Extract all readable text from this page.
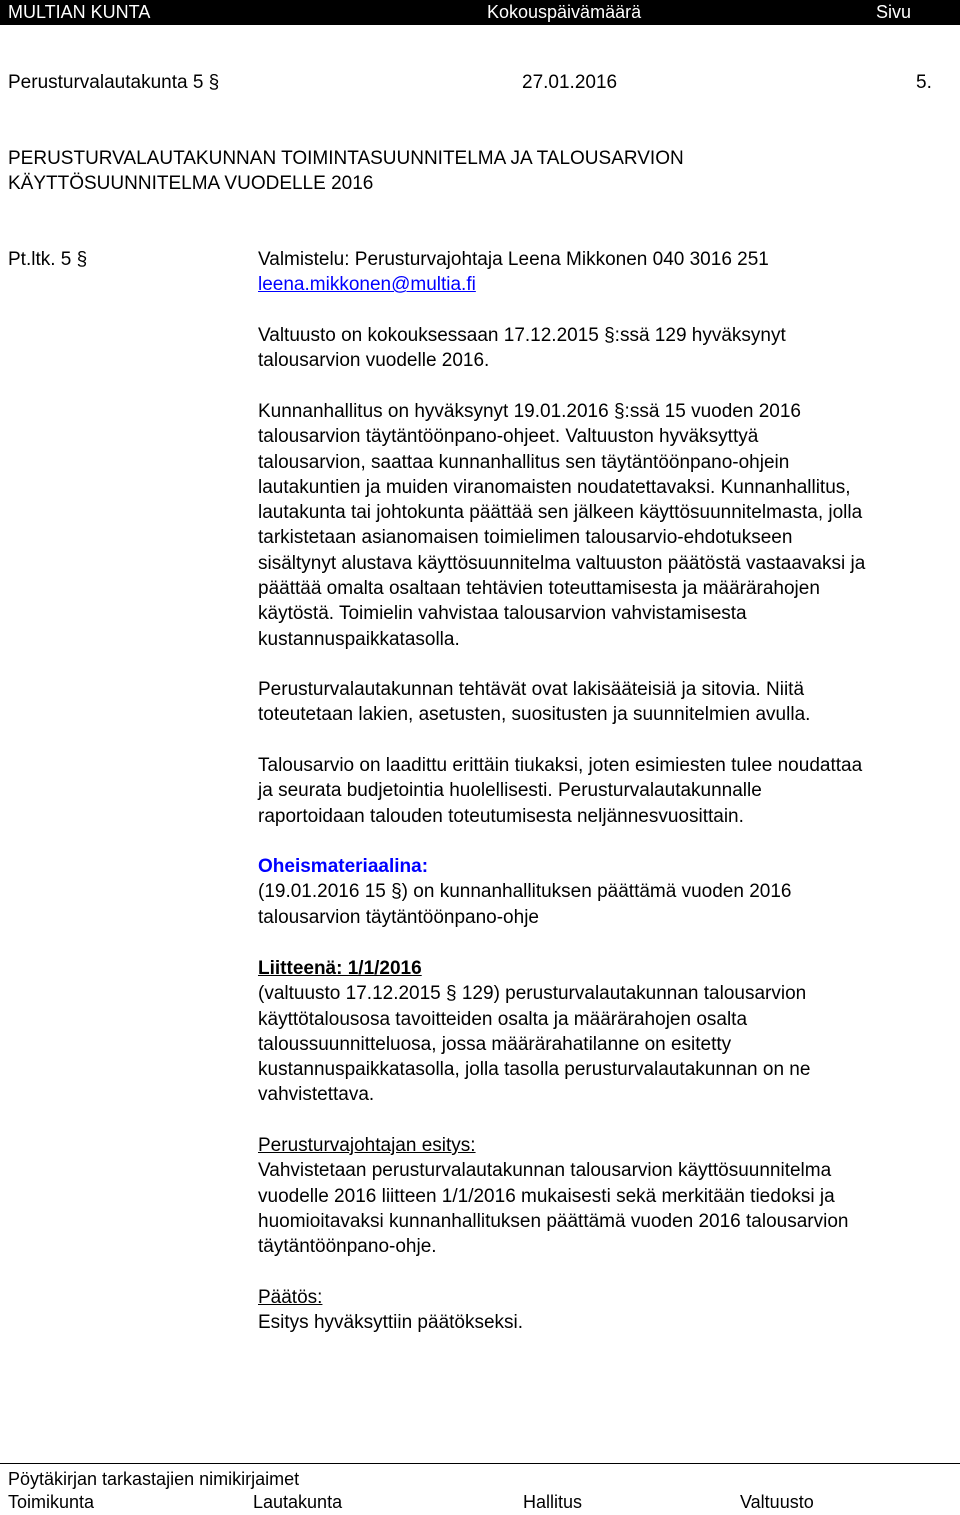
MULTIAN KUNTA	Kokouspäivämäärä	Sivu
Perusturvalautakunta 5 §	27.01.2016	5.
PERUSTURVALAUTAKUNNAN TOIMINTASUUNNITELMA JA TALOUSARVION
KÄYTTÖSUUNNITELMA VUODELLE 2016
Pt.ltk. 5 §	Valmistelu: Perusturvajohtaja Leena Mikkonen 040 3016 251

leena.mikkonen@multia.fi

Valtuusto on kokouksessaan 17.12.2015 §:ssä 129 hyväksynyt

talousarvion vuodelle 2016.

Kunnanhallitus on hyväksynyt 19.01.2016 §:ssä 15 vuoden 2016

talousarvion täytäntöönpano-ohjeet. Valtuuston hyväksyttyä

talousarvion, saattaa kunnanhallitus sen täytäntöönpano-ohjein

lautakuntien ja muiden viranomaisten noudatettavaksi. Kunnanhallitus,

lautakunta tai johtokunta päättää sen jälkeen käyttösuunnitelmasta, jolla

tarkistetaan asianomaisen toimielimen talousarvio-ehdotukseen

sisältynyt alustava käyttösuunnitelma valtuuston päätöstä vastaavaksi ja

päättää omalta osaltaan tehtävien toteuttamisesta ja määrärahojen

käytöstä. Toimielin vahvistaa talousarvion vahvistamisesta

kustannuspaikkatasolla.

Perusturvalautakunnan tehtävät ovat lakisääteisiä ja sitovia. Niitä

toteutetaan lakien, asetusten, suositusten ja suunnitelmien avulla.

Talousarvio on laadittu erittäin tiukaksi, joten esimiesten tulee noudattaa

ja seurata budjetointia huolellisesti. Perusturvalautakunnalle

raportoidaan talouden toteutumisesta neljännesvuosittain.

Oheismateriaalina:

(19.01.2016 15 §) on kunnanhallituksen päättämä vuoden 2016

talousarvion täytäntöönpano-ohje

Liitteenä: 1/1/2016

(valtuusto 17.12.2015 § 129) perusturvalautakunnan talousarvion

käyttötalousosa tavoitteiden osalta ja määrärahojen osalta

taloussuunnitteluosa, jossa määrärahatilanne on esitetty

kustannuspaikkatasolla, jolla tasolla perusturvalautakunnan on ne

vahvistettava.

Perusturvajohtajan esitys:

Vahvistetaan perusturvalautakunnan talousarvion käyttösuunnitelma

vuodelle 2016 liitteen 1/1/2016 mukaisesti sekä merkitään tiedoksi ja

huomioitavaksi kunnanhallituksen päättämä vuoden 2016 talousarvion

täytäntöönpano-ohje.

Päätös:

Esitys hyväksyttiin päätökseksi.

Pöytäkirjan tarkastajien nimikirjaimet
Toimikunta	Lautakunta	Hallitus	Valtuusto
